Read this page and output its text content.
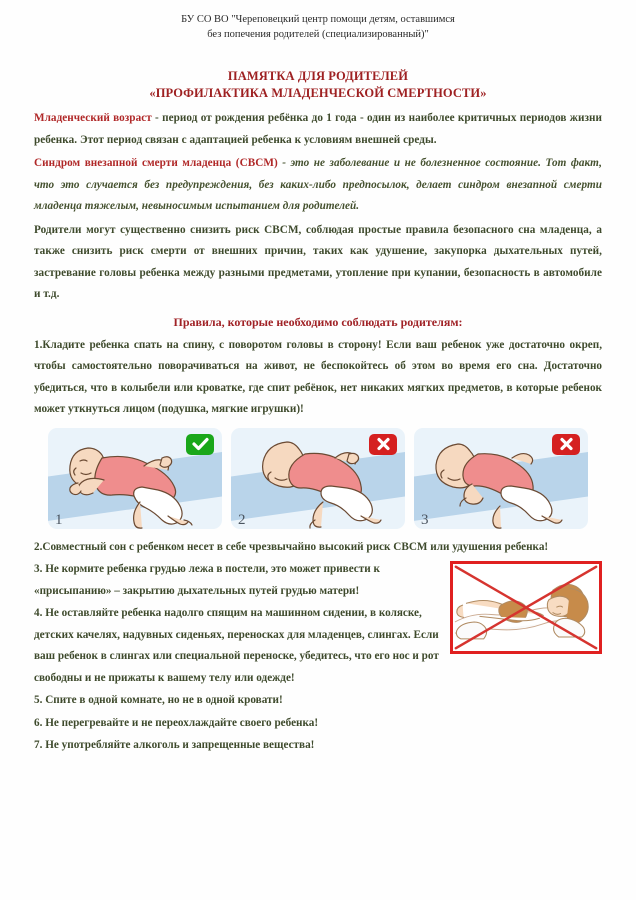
БУ СО ВО "Череповецкий центр помощи детям, оставшимся
без попечения родителей (специализированный)"
ПАМЯТКА ДЛЯ РОДИТЕЛЕЙ
«ПРОФИЛАКТИКА МЛАДЕНЧЕСКОЙ СМЕРТНОСТИ»

Младенческий возраст - период от рождения ребёнка до 1 года - один из наиболее критичных периодов жизни ребенка. Этот период связан с адаптацией ребенка к условиям внешней среды.

Синдром внезапной смерти младенца (СВСМ) - это не заболевание и не болезненное состояние. Тот факт, что это случается без предупреждения, без каких-либо предпосылок, делает синдром внезапной смерти младенца тяжелым, невыносимым испытанием для родителей.

Родители могут существенно снизить риск СВСМ, соблюдая простые правила безопасного сна младенца, а также снизить риск смерти от внешних причин, таких как удушение, закупорка дыхательных путей, застревание головы ребенка между разными предметами, утопление при купании, безопасность в автомобиле и т.д.

Правила, которые необходимо соблюдать родителям:

1.Кладите ребенка спать на спину, с поворотом головы в сторону! Если ваш ребенок уже достаточно окреп, чтобы самостоятельно поворачиваться на живот, не беспокойтесь об этом во время его сна. Достаточно убедиться, что в колыбели или кроватке, где спит ребёнок, нет никаких мягких предметов, в которые ребенок может уткнуться лицом (подушка, мягкие игрушки)!

1	2	3

2.Совместный сон с ребенком несет в себе чрезвычайно высокий риск СВСМ или удушения ребенка!

3. Не кормите ребенка грудью лежа в постели, это может привести к «присыпанию» – закрытию дыхательных путей грудью матери!

4. Не оставляйте ребенка надолго спящим на машинном сидении, в коляске, детских качелях, надувных сиденьях, переносках для младенцев, слингах. Если ваш ребенок в слингах или специальной переноске, убедитесь, что его нос и рот свободны и не прижаты к вашему телу или одежде!

5. Спите в одной комнате, но не в одной кровати!

6. Не перегревайте и не переохлаждайте своего ребенка!

7. Не употребляйте алкоголь и запрещенные вещества!
